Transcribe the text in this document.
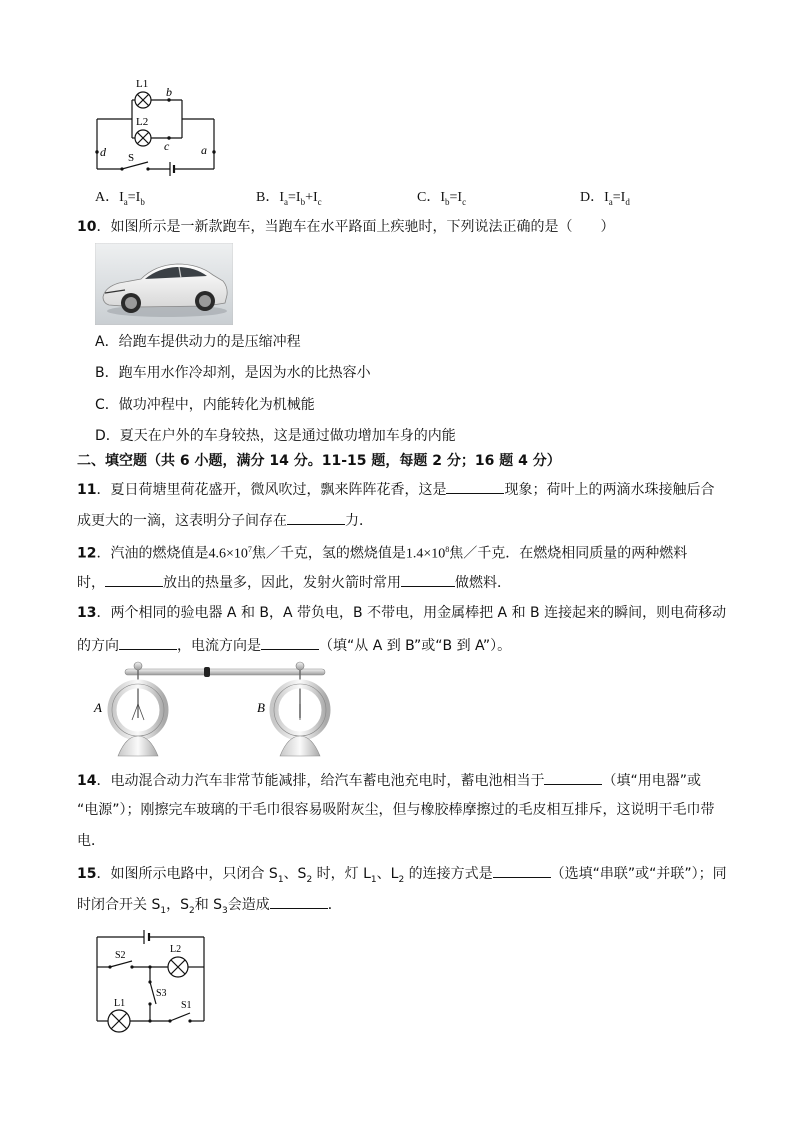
L1
L2
b
c
d	a
S
A．$I_a=I_b$	B．$I_a=I_b+I_c$	C．$I_b=I_c$	D．$I_a=I_d$
10．如图所示是一新款跑车，当跑车在水平路面上疾驰时，下列说法正确的是（　　）
A．给跑车提供动力的是压缩冲程
B．跑车用水作冷却剂，是因为水的比热容小
C．做功冲程中，内能转化为机械能
D．夏天在户外的车身较热，这是通过做功增加车身的内能
二、填空题（共 6 小题，满分 14 分。11-15 题，每题 2 分；16 题 4 分）
11．夏日荷塘里荷花盛开，微风吹过，飘来阵阵花香，这是	现象；荷叶上的两滴水珠接触后合
成更大的一滴，这表明分子间存在	力．
12．汽油的燃烧值是$4.6\times 10^7$焦／千克，氢的燃烧值是$1.4\times 10^8$焦／千克．在燃烧相同质量的两种燃料
时，	放出的热量多，因此，发射火箭时常用	做燃料．
13．两个相同的验电器 A 和 B，A 带负电，B 不带电，用金属棒把 A 和 B 连接起来的瞬间，则电荷移动
的方向	，电流方向是	（填“从 A 到 B”或“B 到 A”）。
A	B
14．电动混合动力汽车非常节能减排，给汽车蓄电池充电时，蓄电池相当于	（填“用电器”或
“电源”）；刚擦完车玻璃的干毛巾很容易吸附灰尘，但与橡胶棒摩擦过的毛皮相互排斥，这说明干毛巾带
电．
15．如图所示电路中，只闭合 $S_1$、$S_2$ 时，灯 $L_1$、$L_2$ 的连接方式是	（选填“串联”或“并联”）；同
时闭合开关 $S_1$，$S_2$和 $S_3$会造成	．
S2
L2
L1
S3
S1
